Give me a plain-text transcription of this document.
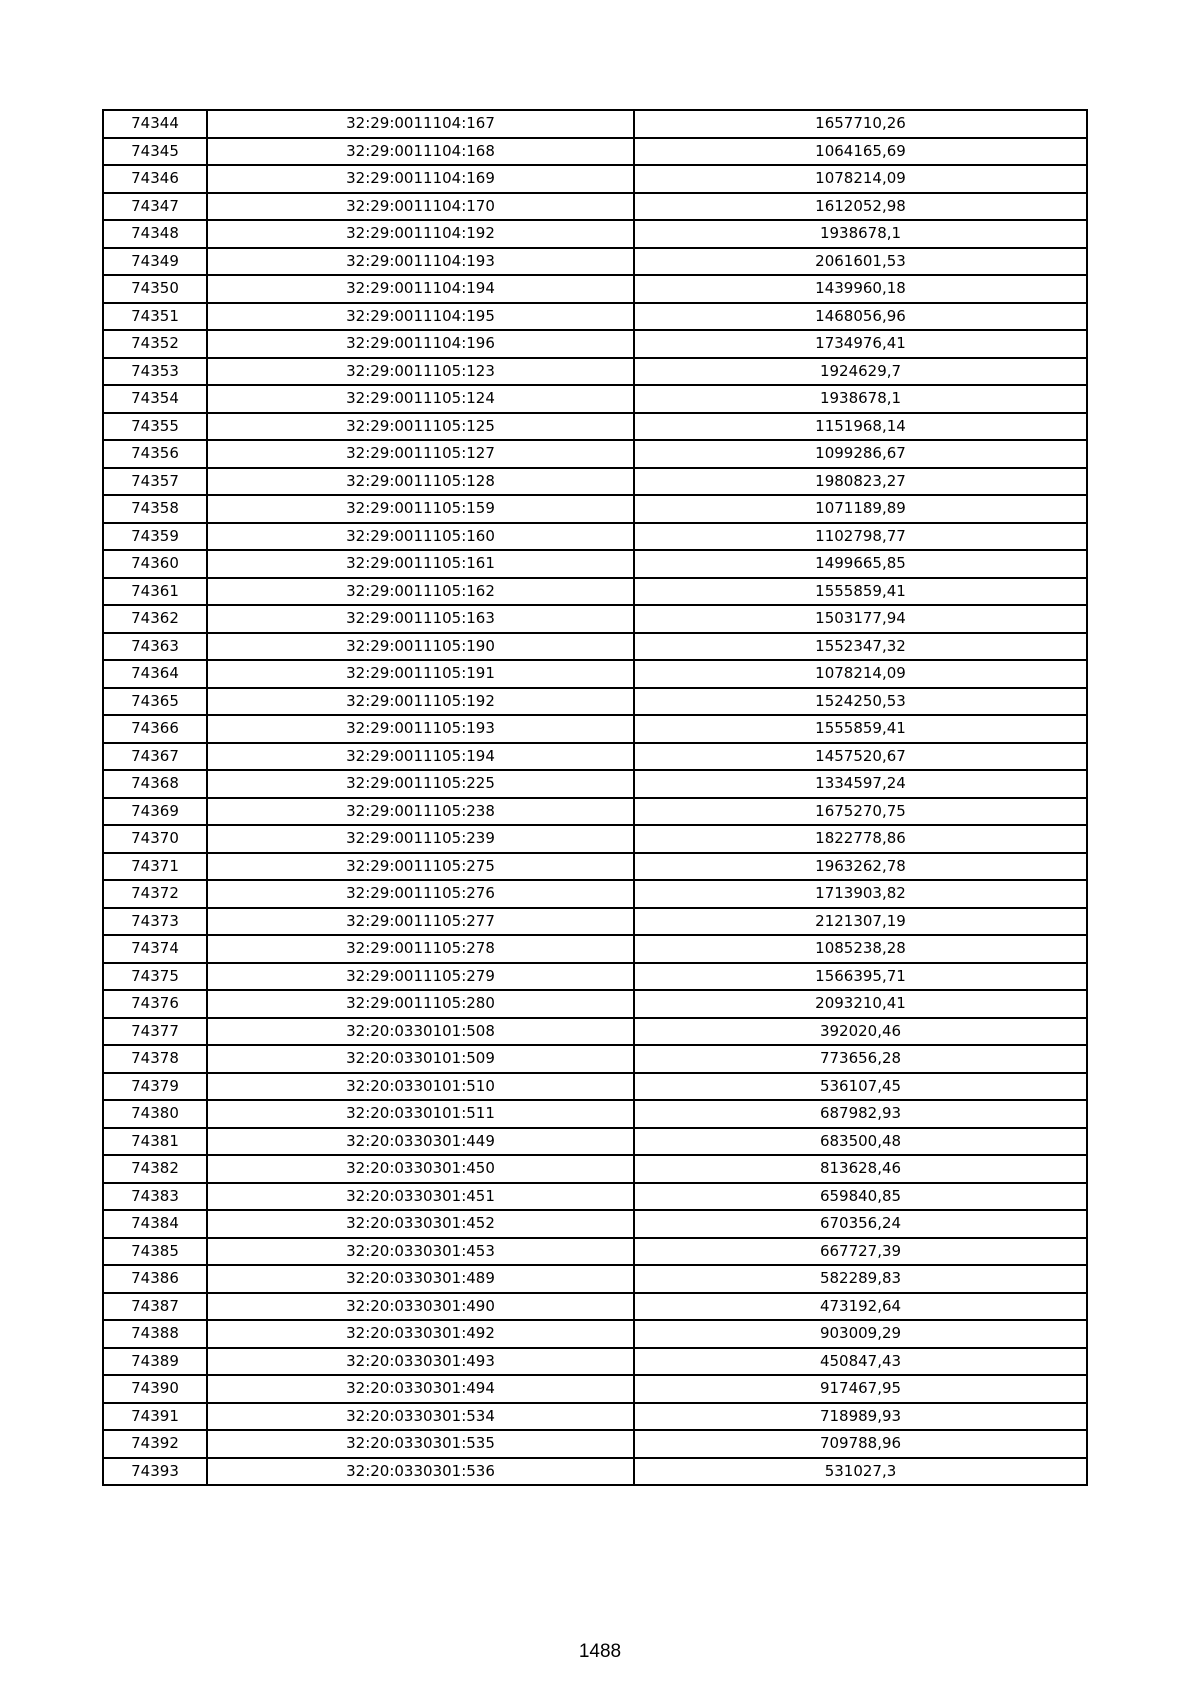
74344	32:29:0011104:167	1657710,26
74345	32:29:0011104:168	1064165,69
74346	32:29:0011104:169	1078214,09
74347	32:29:0011104:170	1612052,98
74348	32:29:0011104:192	1938678,1
74349	32:29:0011104:193	2061601,53
74350	32:29:0011104:194	1439960,18
74351	32:29:0011104:195	1468056,96
74352	32:29:0011104:196	1734976,41
74353	32:29:0011105:123	1924629,7
74354	32:29:0011105:124	1938678,1
74355	32:29:0011105:125	1151968,14
74356	32:29:0011105:127	1099286,67
74357	32:29:0011105:128	1980823,27
74358	32:29:0011105:159	1071189,89
74359	32:29:0011105:160	1102798,77
74360	32:29:0011105:161	1499665,85
74361	32:29:0011105:162	1555859,41
74362	32:29:0011105:163	1503177,94
74363	32:29:0011105:190	1552347,32
74364	32:29:0011105:191	1078214,09
74365	32:29:0011105:192	1524250,53
74366	32:29:0011105:193	1555859,41
74367	32:29:0011105:194	1457520,67
74368	32:29:0011105:225	1334597,24
74369	32:29:0011105:238	1675270,75
74370	32:29:0011105:239	1822778,86
74371	32:29:0011105:275	1963262,78
74372	32:29:0011105:276	1713903,82
74373	32:29:0011105:277	2121307,19
74374	32:29:0011105:278	1085238,28
74375	32:29:0011105:279	1566395,71
74376	32:29:0011105:280	2093210,41
74377	32:20:0330101:508	392020,46
74378	32:20:0330101:509	773656,28
74379	32:20:0330101:510	536107,45
74380	32:20:0330101:511	687982,93
74381	32:20:0330301:449	683500,48
74382	32:20:0330301:450	813628,46
74383	32:20:0330301:451	659840,85
74384	32:20:0330301:452	670356,24
74385	32:20:0330301:453	667727,39
74386	32:20:0330301:489	582289,83
74387	32:20:0330301:490	473192,64
74388	32:20:0330301:492	903009,29
74389	32:20:0330301:493	450847,43
74390	32:20:0330301:494	917467,95
74391	32:20:0330301:534	718989,93
74392	32:20:0330301:535	709788,96
74393	32:20:0330301:536	531027,3
1488
